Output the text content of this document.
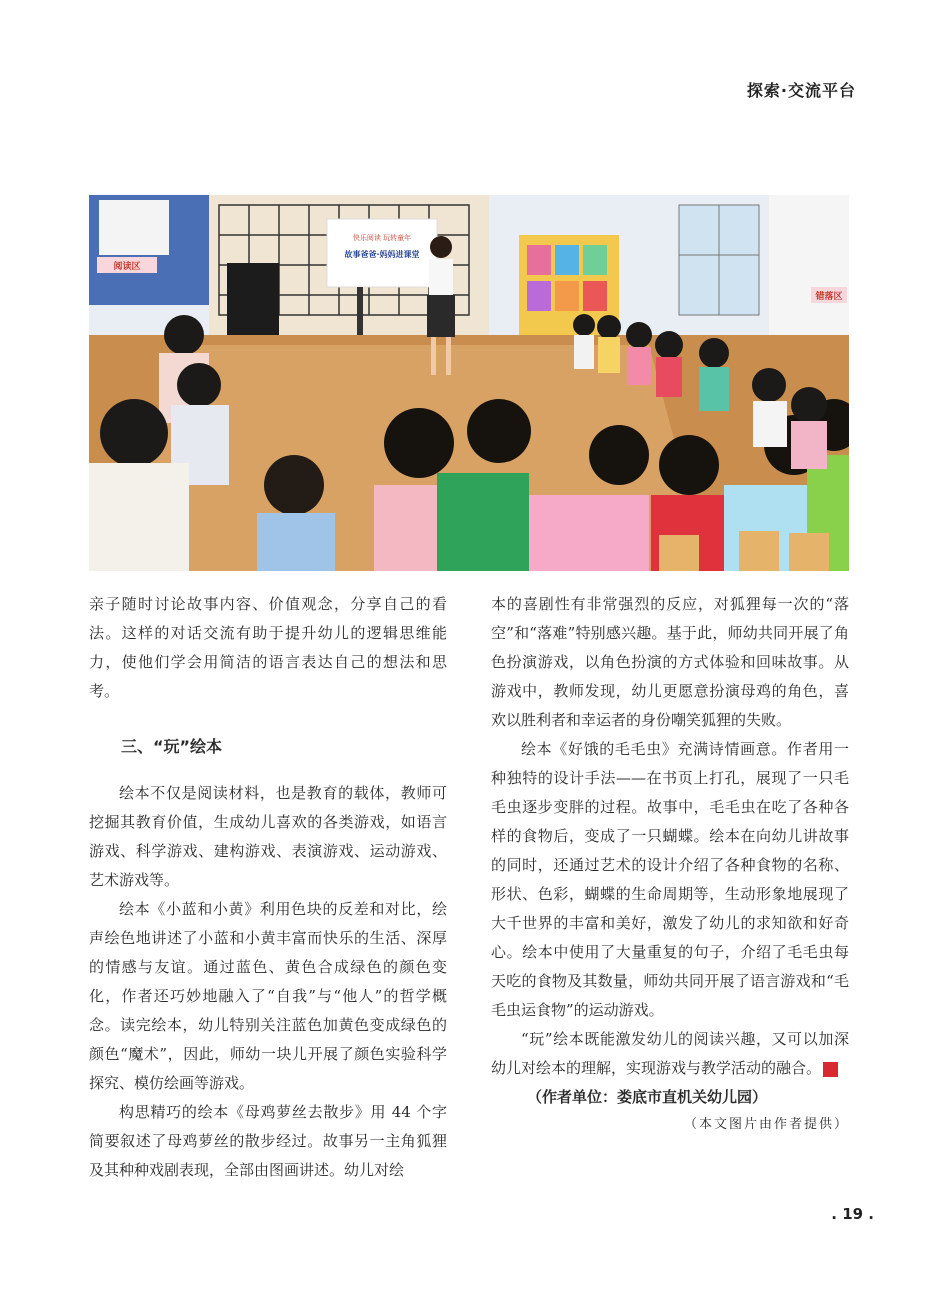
探索·交流平台
快乐阅读 玩转童年
故事爸爸·妈妈进课堂
阅读区
错落区

亲子随时讨论故事内容、价值观念，分享自己的看法。这样的对话交流有助于提升幼儿的逻辑思维能力，使他们学会用简洁的语言表达自己的想法和思考。

三、“玩”绘本

绘本不仅是阅读材料，也是教育的载体，教师可挖掘其教育价值，生成幼儿喜欢的各类游戏，如语言游戏、科学游戏、建构游戏、表演游戏、运动游戏、艺术游戏等。

绘本《小蓝和小黄》利用色块的反差和对比，绘声绘色地讲述了小蓝和小黄丰富而快乐的生活、深厚的情感与友谊。通过蓝色、黄色合成绿色的颜色变化，作者还巧妙地融入了“自我”与“他人”的哲学概念。读完绘本，幼儿特别关注蓝色加黄色变成绿色的颜色“魔术”，因此，师幼一块儿开展了颜色实验科学探究、模仿绘画等游戏。

构思精巧的绘本《母鸡萝丝去散步》用 44 个字简要叙述了母鸡萝丝的散步经过。故事另一主角狐狸及其种种戏剧表现，全部由图画讲述。幼儿对绘

本的喜剧性有非常强烈的反应，对狐狸每一次的“落空”和“落难”特别感兴趣。基于此，师幼共同开展了角色扮演游戏，以角色扮演的方式体验和回味故事。从游戏中，教师发现，幼儿更愿意扮演母鸡的角色，喜欢以胜利者和幸运者的身份嘲笑狐狸的失败。

绘本《好饿的毛毛虫》充满诗情画意。作者用一种独特的设计手法——在书页上打孔，展现了一只毛毛虫逐步变胖的过程。故事中，毛毛虫在吃了各种各样的食物后，变成了一只蝴蝶。绘本在向幼儿讲故事的同时，还通过艺术的设计介绍了各种食物的名称、形状、色彩，蝴蝶的生命周期等，生动形象地展现了大千世界的丰富和美好，激发了幼儿的求知欲和好奇心。绘本中使用了大量重复的句子，介绍了毛毛虫每天吃的食物及其数量，师幼共同开展了语言游戏和“毛毛虫运食物”的运动游戏。

“玩”绘本既能激发幼儿的阅读兴趣，又可以加深幼儿对绘本的理解，实现游戏与教学活动的融合。	N

（作者单位：娄底市直机关幼儿园）

（本文图片由作者提供）

. 19 .
